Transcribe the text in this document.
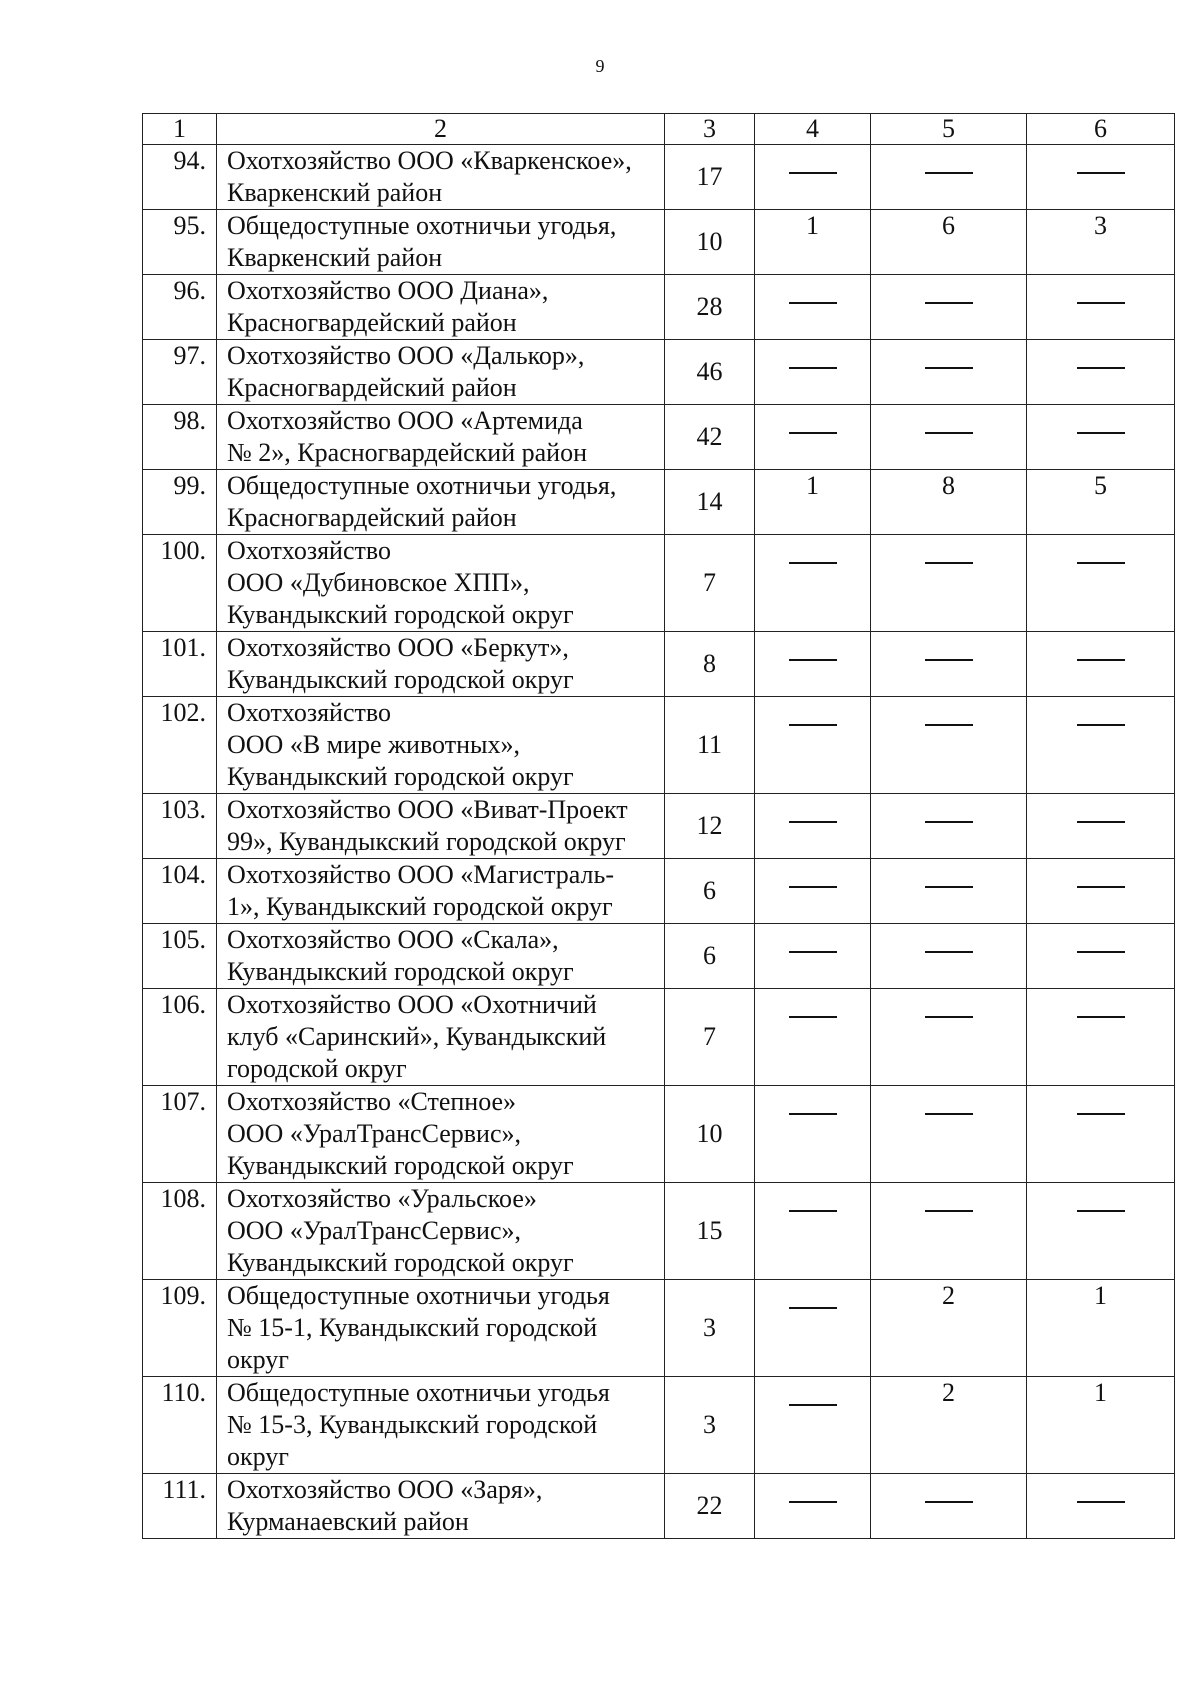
9
1	2	3	4	5	6
94.	Охотхозяйство ООО «Кваркенское»,
Кваркенский район	17			
95.	Общедоступные охотничьи угодья,
Кваркенский район	10	1	6	3
96.	Охотхозяйство ООО Диана»,
Красногвардейский район	28			
97.	Охотхозяйство ООО «Далькор»,
Красногвардейский район	46			
98.	Охотхозяйство ООО «Артемида
№ 2», Красногвардейский район	42			
99.	Общедоступные охотничьи угодья,
Красногвардейский район	14	1	8	5
100.	Охотхозяйство
ООО «Дубиновское ХПП»,
Кувандыкский городской округ	7			
101.	Охотхозяйство ООО «Беркут»,
Кувандыкский городской округ	8			
102.	Охотхозяйство
ООО «В мире животных»,
Кувандыкский городской округ	11			
103.	Охотхозяйство ООО «Виват-Проект
99», Кувандыкский городской округ	12			
104.	Охотхозяйство ООО «Магистраль-
1», Кувандыкский городской округ	6			
105.	Охотхозяйство ООО «Скала»,
Кувандыкский городской округ	6			
106.	Охотхозяйство ООО «Охотничий
клуб «Саринский», Кувандыкский
городской округ	7			
107.	Охотхозяйство «Степное»
ООО «УралТрансСервис»,
Кувандыкский городской округ	10			
108.	Охотхозяйство «Уральское»
ООО «УралТрансСервис»,
Кувандыкский городской округ	15			
109.	Общедоступные охотничьи угодья
№ 15-1, Кувандыкский городской
округ	3		2	1
110.	Общедоступные охотничьи угодья
№ 15-3, Кувандыкский городской
округ	3		2	1
111.	Охотхозяйство ООО «Заря»,
Курманаевский район	22			
